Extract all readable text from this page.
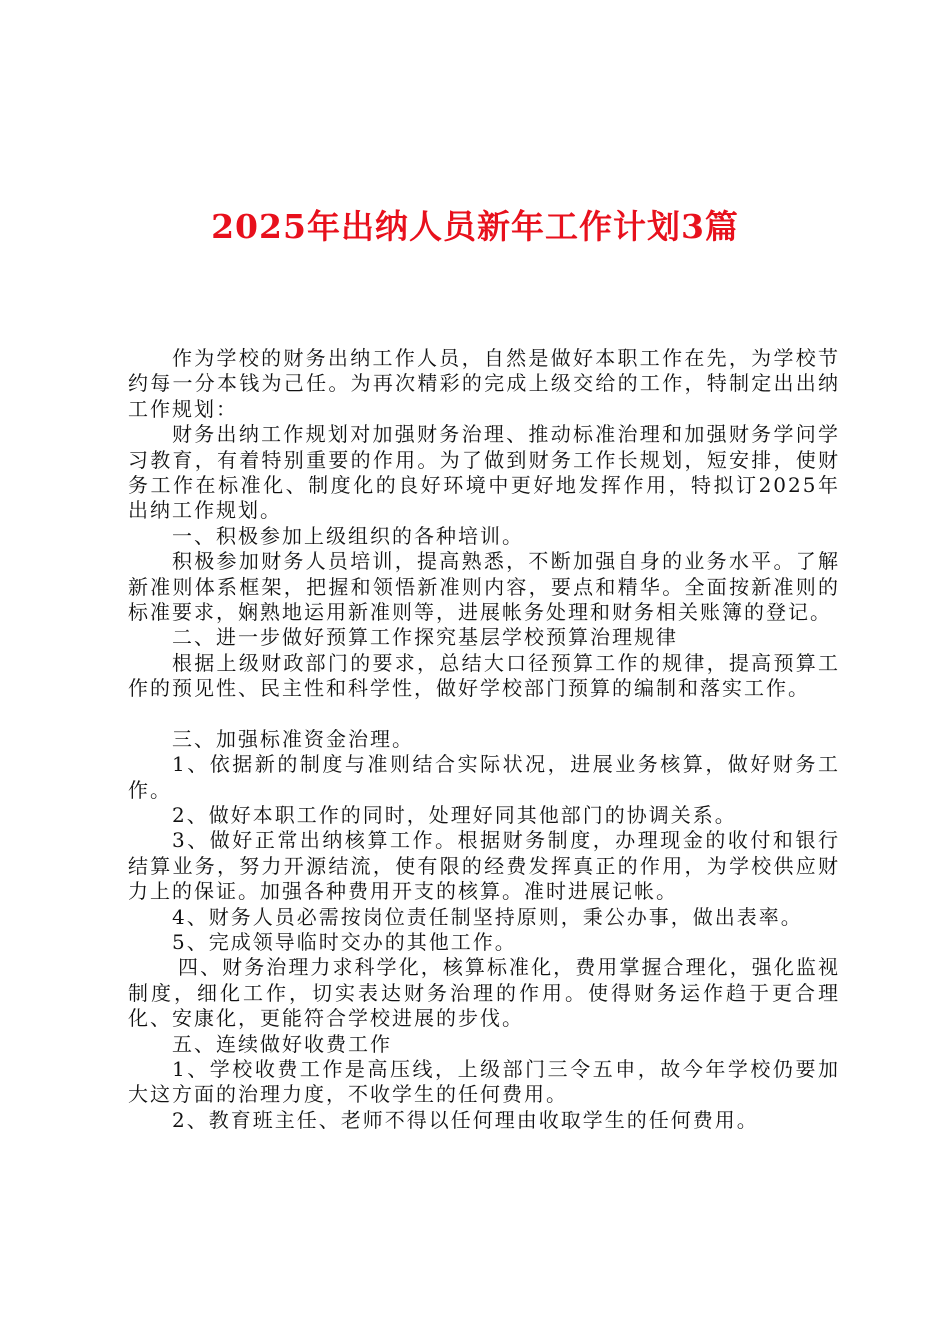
2025年出纳人员新年工作计划3篇

作为学校的财务出纳工作人员，自然是做好本职工作在先，为学校节约每一分本钱为己任。为再次精彩的完成上级交给的工作，特制定出出纳工作规划：

财务出纳工作规划对加强财务治理、推动标准治理和加强财务学问学习教育，有着特别重要的作用。为了做到财务工作长规划，短安排，使财务工作在标准化、制度化的良好环境中更好地发挥作用，特拟订2025年出纳工作规划。

一、积极参加上级组织的各种培训。

积极参加财务人员培训，提高熟悉，不断加强自身的业务水平。了解新准则体系框架，把握和领悟新准则内容，要点和精华。全面按新准则的标准要求，娴熟地运用新准则等，进展帐务处理和财务相关账簿的登记。

二、进一步做好预算工作探究基层学校预算治理规律

根据上级财政部门的要求，总结大口径预算工作的规律，提高预算工作的预见性、民主性和科学性，做好学校部门预算的编制和落实工作。

三、加强标准资金治理。

1、依据新的制度与准则结合实际状况，进展业务核算，做好财务工作。

2、做好本职工作的同时，处理好同其他部门的协调关系。

3、做好正常出纳核算工作。根据财务制度，办理现金的收付和银行结算业务，努力开源结流，使有限的经费发挥真正的作用，为学校供应财力上的保证。加强各种费用开支的核算。准时进展记帐。

4、财务人员必需按岗位责任制坚持原则，秉公办事，做出表率。

5、完成领导临时交办的其他工作。

四、财务治理力求科学化，核算标准化，费用掌握合理化，强化监视制度，细化工作，切实表达财务治理的作用。使得财务运作趋于更合理化、安康化，更能符合学校进展的步伐。

五、连续做好收费工作

1、学校收费工作是高压线，上级部门三令五申，故今年学校仍要加大这方面的治理力度，不收学生的任何费用。

2、教育班主任、老师不得以任何理由收取学生的任何费用。
